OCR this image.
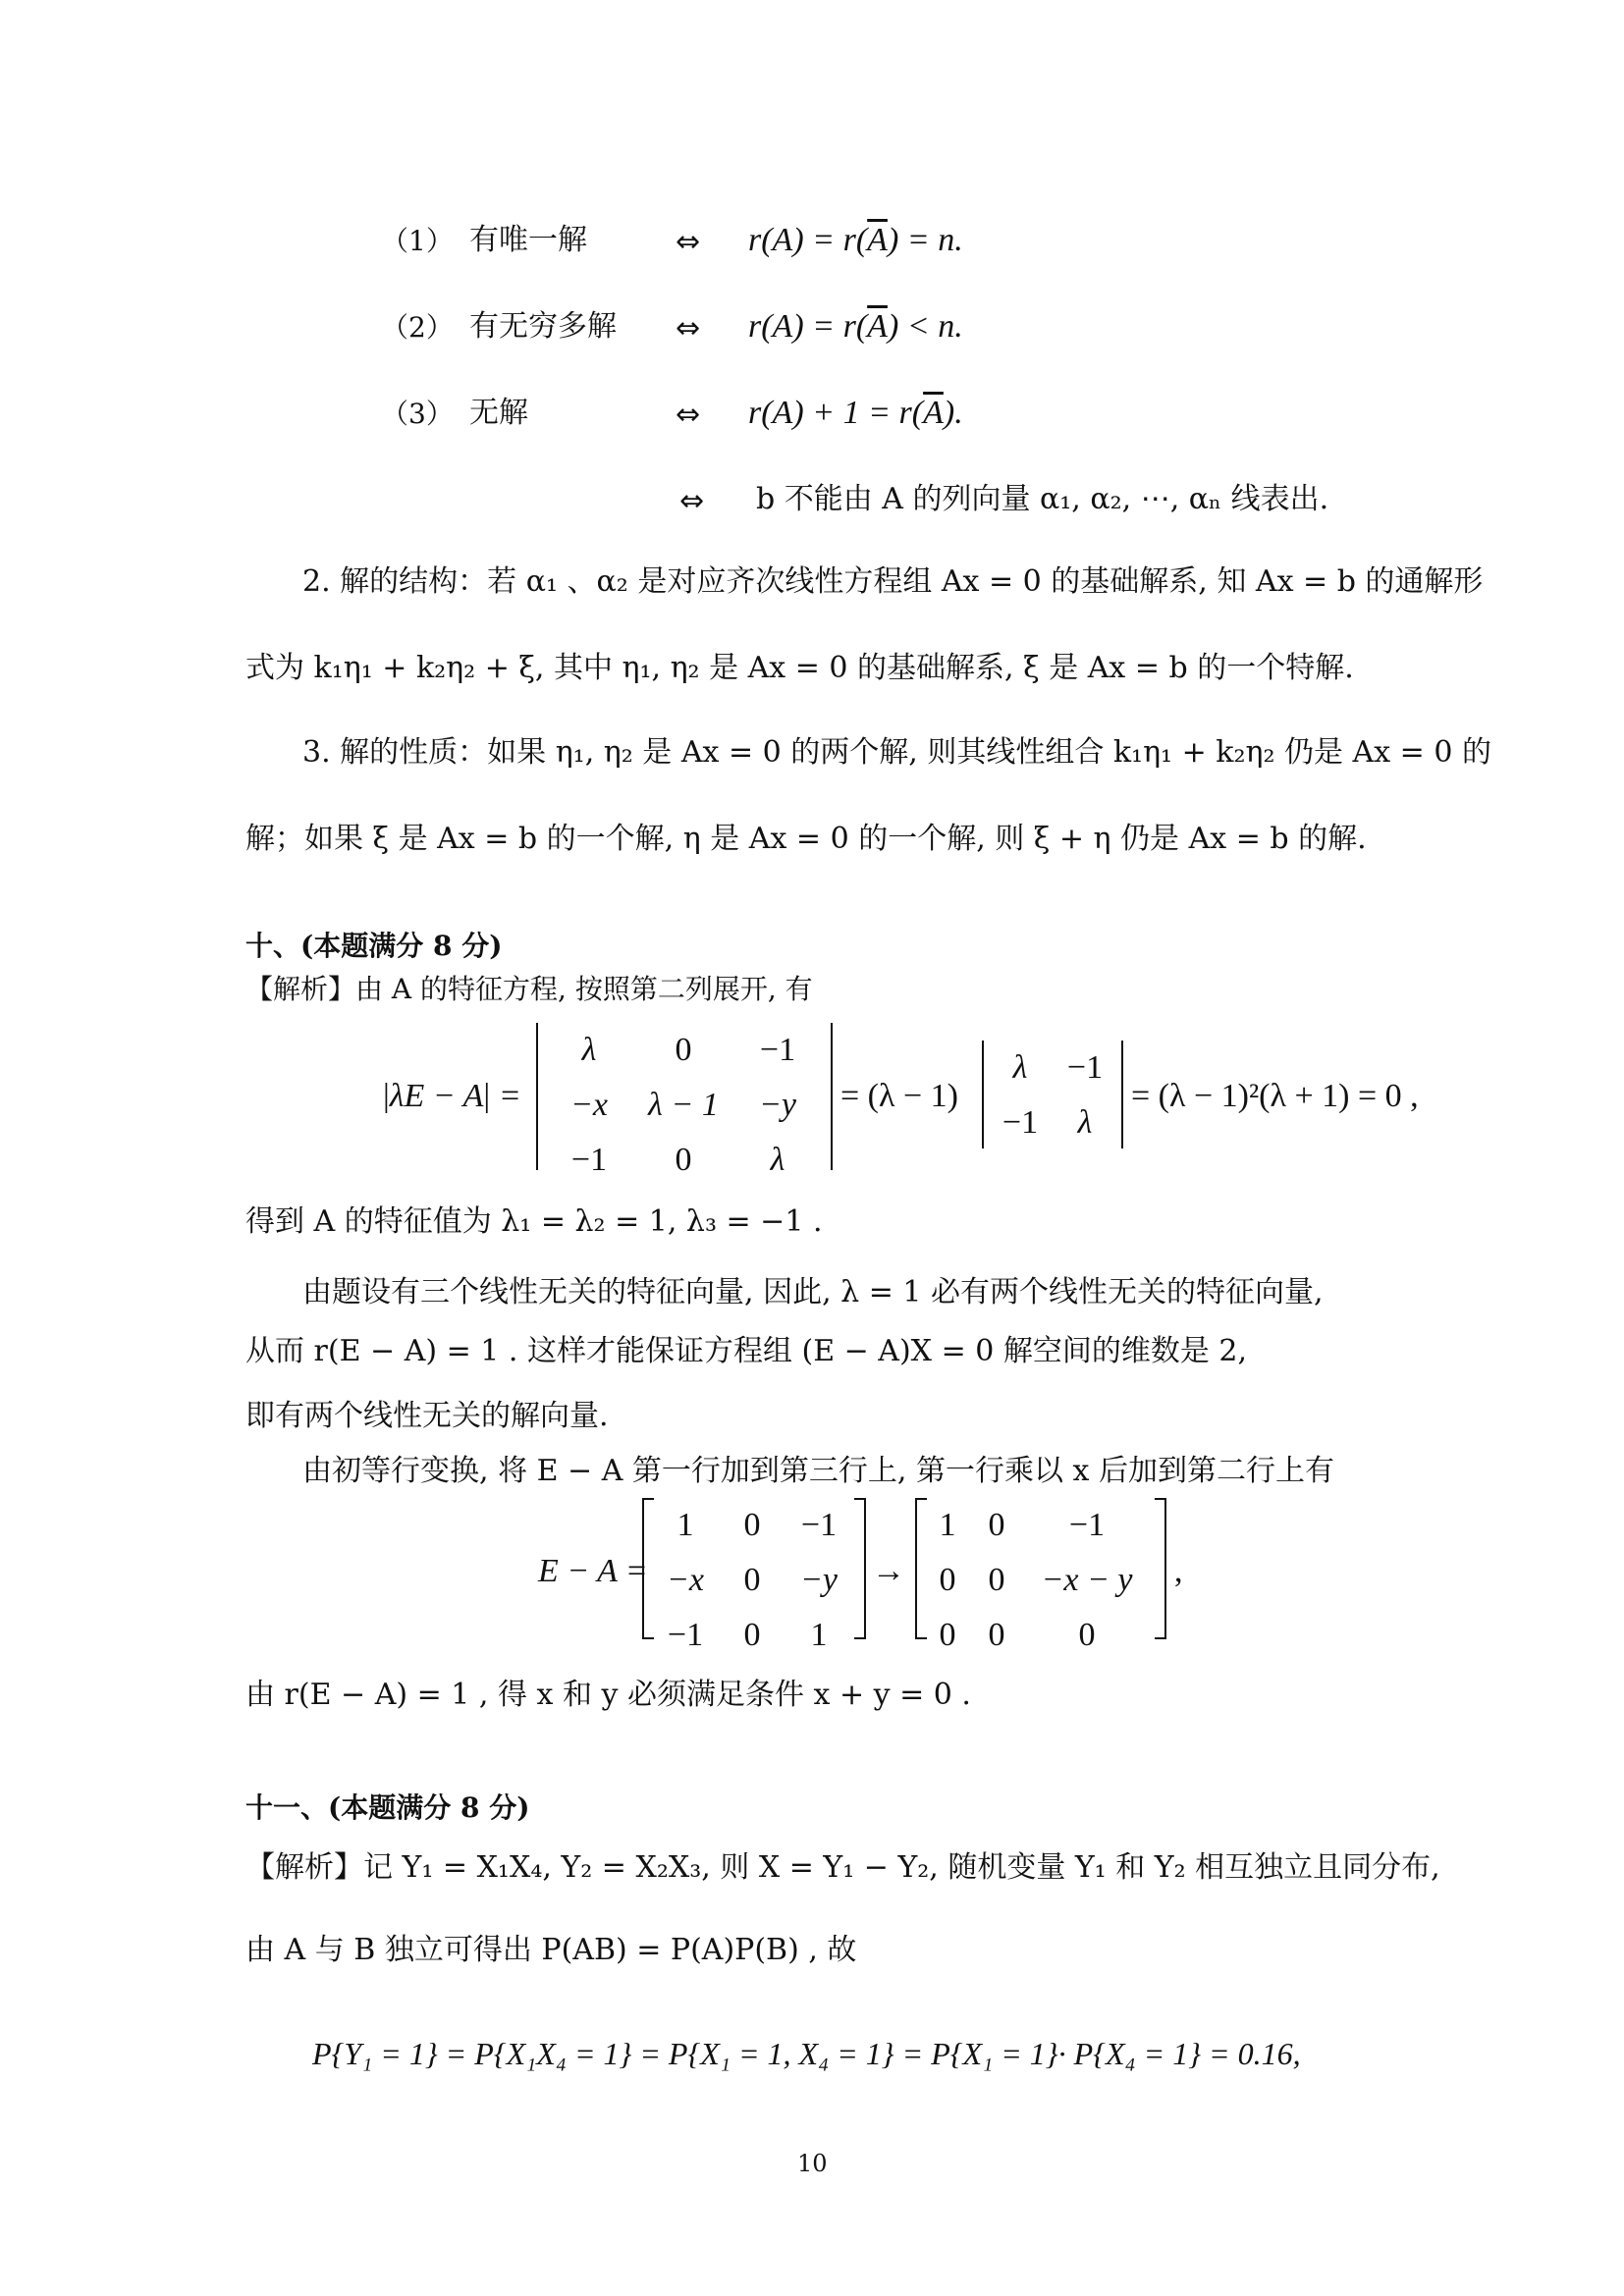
（1） 有唯一解	⇔ $r(A) = r(\overline{A}) = n$.
（2） 有无穷多解 ⇔ $r(A) = r(\overline{A}) < n$.
（3） 无解	⇔ $r(A) + 1 = r(\overline{A})$.
⇔ b 不能由 A 的列向量 α₁, α₂, ⋯, αₙ 线表出.
2. 解的结构：若 α₁ 、α₂ 是对应齐次线性方程组 Ax = 0 的基础解系, 知 Ax = b 的通解形
式为 k₁η₁ + k₂η₂ + ξ, 其中 η₁, η₂ 是 Ax = 0 的基础解系, ξ 是 Ax = b 的一个特解.
3. 解的性质：如果 η₁, η₂ 是 Ax = 0 的两个解, 则其线性组合 k₁η₁ + k₂η₂ 仍是 Ax = 0 的
解；如果 ξ 是 Ax = b 的一个解, η 是 Ax = 0 的一个解, 则 ξ + η 仍是 Ax = b 的解.
十、(本题满分 8 分)
【解析】由 A 的特征方程, 按照第二列展开, 有
|λE − A| =
λ	0	−1
−x	λ − 1	−y
−1	0	λ
= (λ − 1)
λ	−1
−1	λ
= (λ − 1)²(λ + 1) = 0 ,
得到 A 的特征值为 λ₁ = λ₂ = 1, λ₃ = −1 .
由题设有三个线性无关的特征向量, 因此, λ = 1 必有两个线性无关的特征向量,
从而 r(E − A) = 1 . 这样才能保证方程组 (E − A)X = 0 解空间的维数是 2,
即有两个线性无关的解向量.
由初等行变换, 将 E − A 第一行加到第三行上, 第一行乘以 x 后加到第二行上有
E − A =
1	0	−1
−x	0	−y
−1	0	1
→
1 0	−1
0 0	−x − y
0 0	0
,
由 r(E − A) = 1 , 得 x 和 y 必须满足条件 x + y = 0 .
十一、(本题满分 8 分)
【解析】记 Y₁ = X₁X₄, Y₂ = X₂X₃, 则 X = Y₁ − Y₂, 随机变量 Y₁ 和 Y₂ 相互独立且同分布,
由 A 与 B 独立可得出 P(AB) = P(A)P(B) , 故
P{Y₁ = 1} = P{X₁X₄ = 1} = P{X₁ = 1, X₄ = 1} = P{X₁ = 1}· P{X₄ = 1} = 0.16,
10
